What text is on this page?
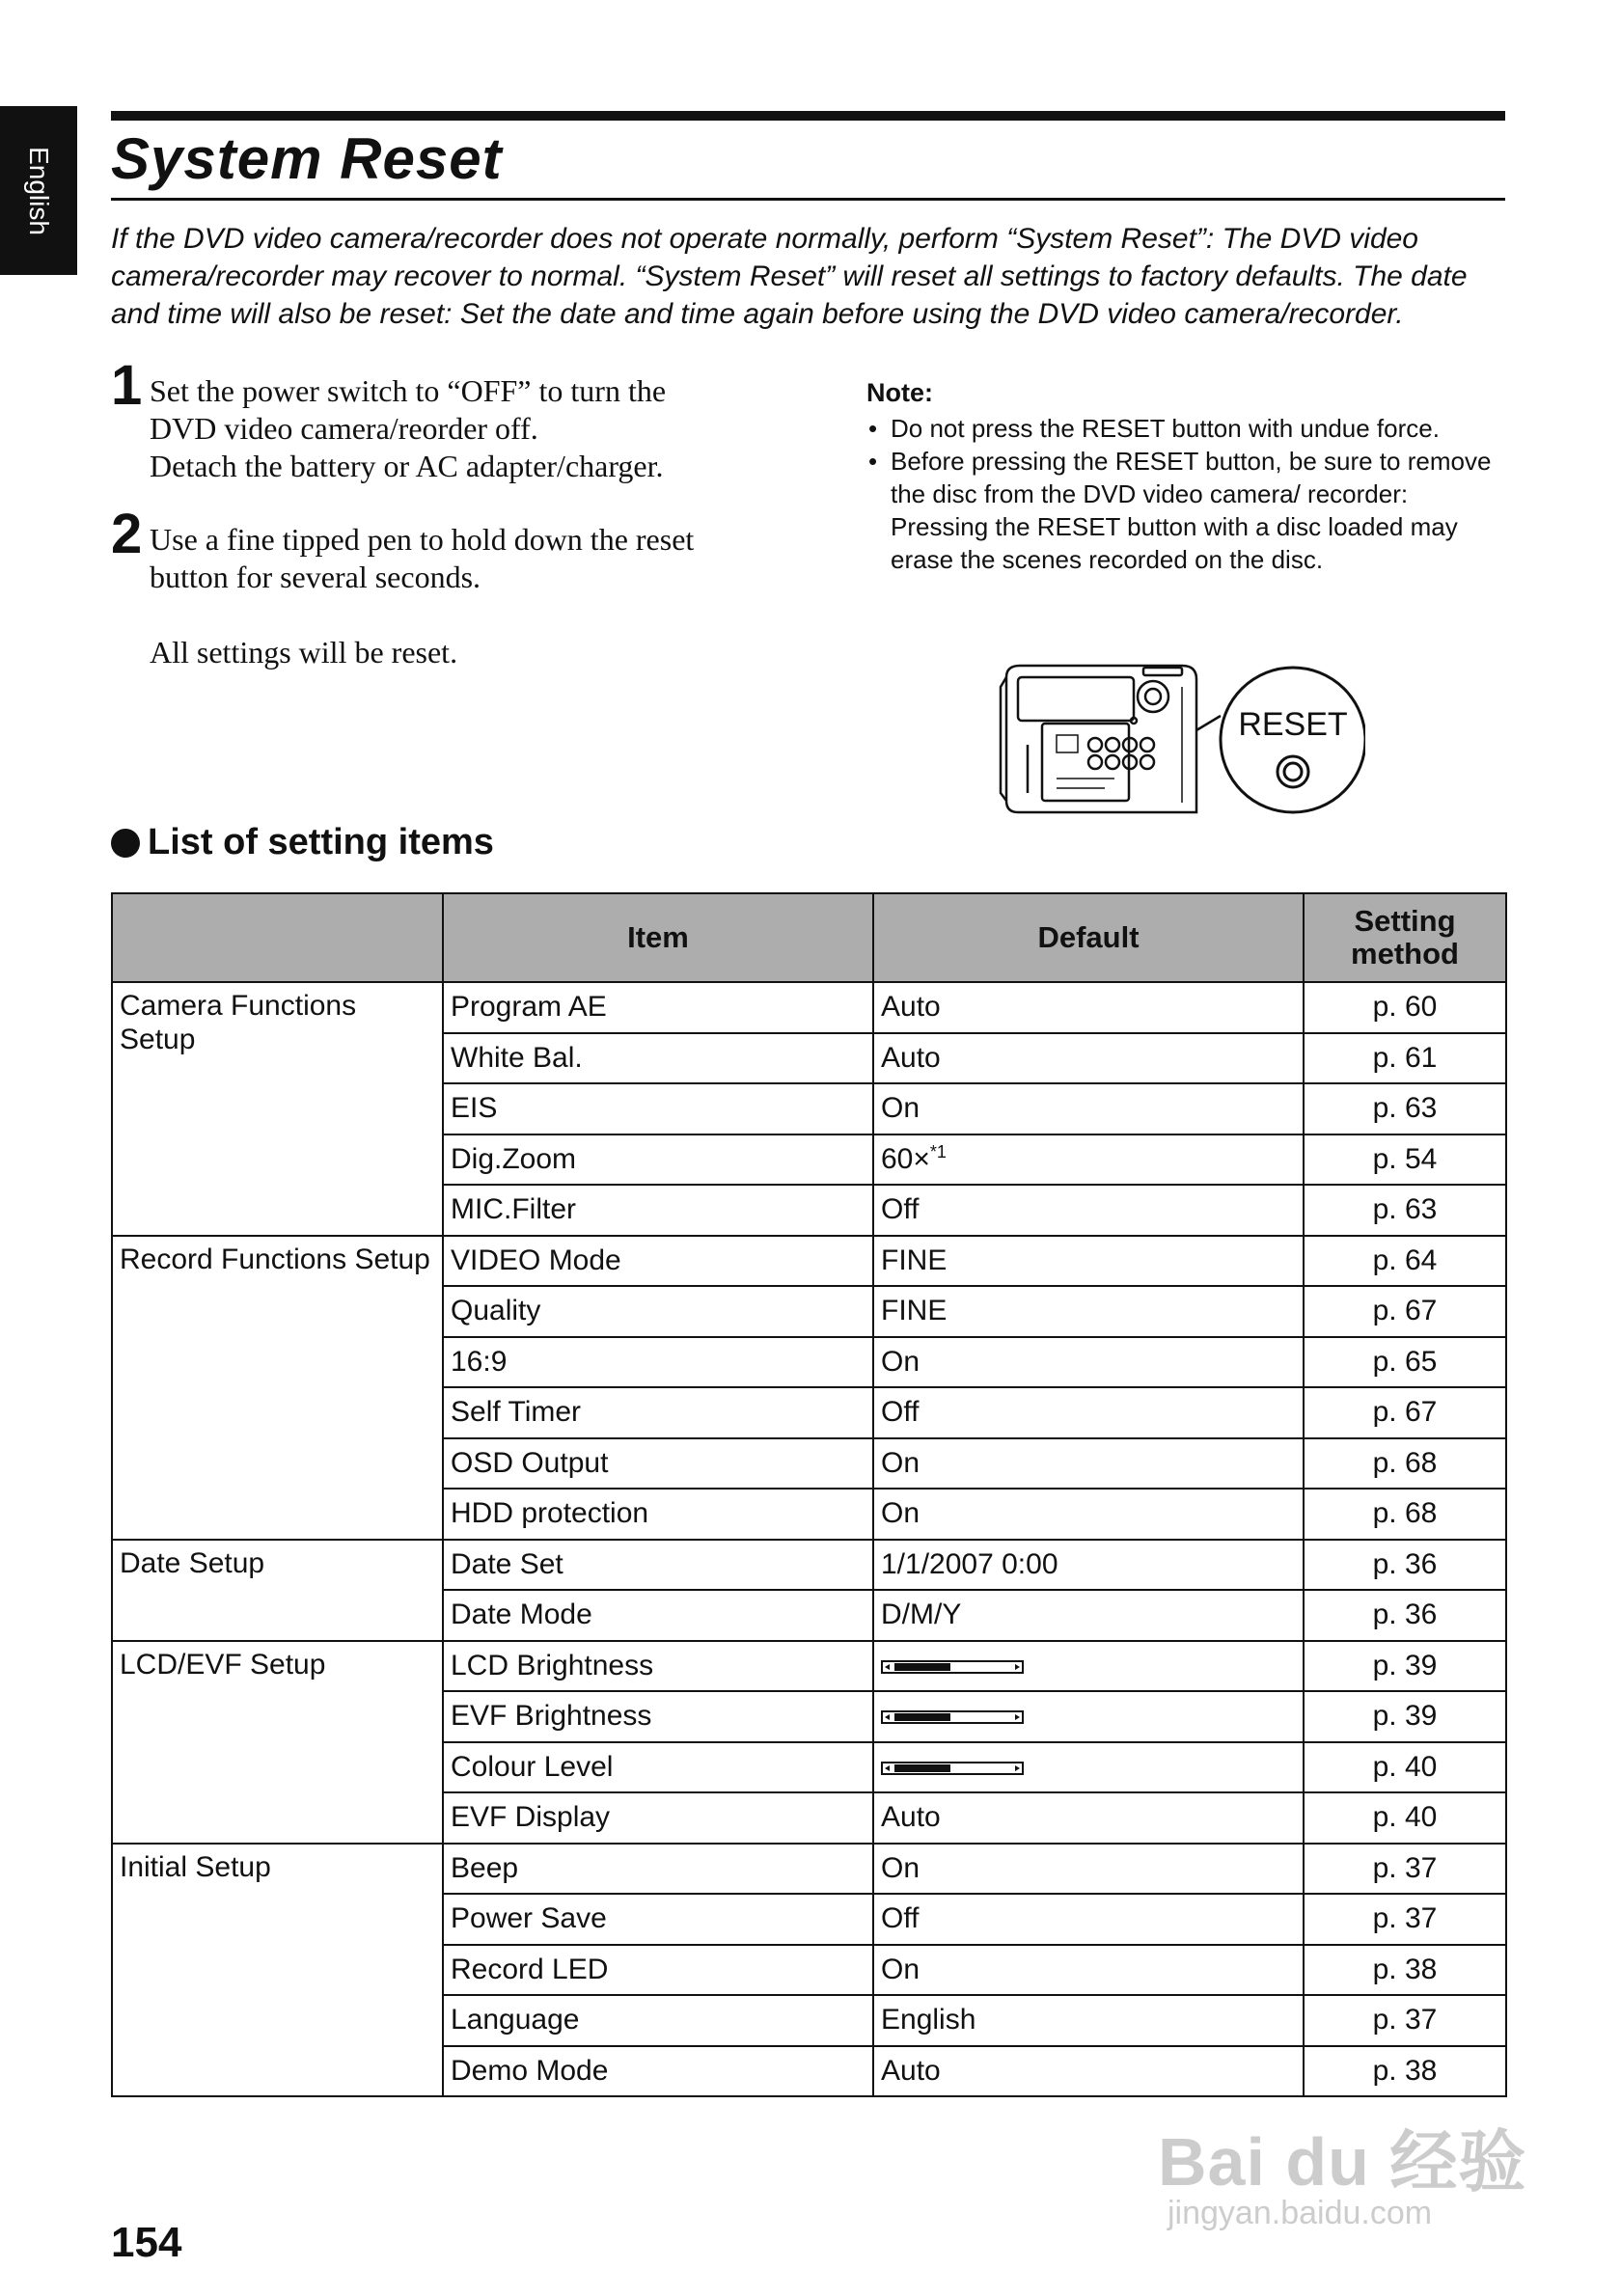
English System Reset

If the DVD video camera/recorder does not operate normally, perform “System Reset”: The DVD video
camera/recorder may recover to normal. “System Reset” will reset all settings to factory defaults. The date
and time will also be reset: Set the date and time again before using the DVD video camera/recorder.

1 Set the power switch to “OFF” to turn the
DVD video camera/reorder off.
Detach the battery or AC adapter/charger.
2 Use a fine tipped pen to hold down the reset
button for several seconds.
All settings will be reset.
Note:
• Do not press the RESET button with undue force.
• Before pressing the RESET button, be sure to remove the disc from the DVD video camera/ recorder: Pressing the RESET button with a disc loaded may erase the scenes recorded on the disc.
RESET
List of setting items
	Item	Default	Setting
method
Camera Functions Setup	Program AE	Auto	p. 60
	White Bal.	Auto	p. 61
	EIS	On	p. 63
	Dig.Zoom	60×$^{*1}$	p. 54
	MIC.Filter	Off	p. 63
Record Functions Setup	VIDEO Mode	FINE	p. 64
	Quality	FINE	p. 67
	16:9	On	p. 65
	Self Timer	Off	p. 67
	OSD Output	On	p. 68
	HDD protection	On	p. 68
Date Setup	Date Set	1/1/2007 0:00	p. 36
	Date Mode	D/M/Y	p. 36
LCD/EVF Setup	LCD Brightness		p. 39
	EVF Brightness		p. 39
	Colour Level		p. 40
	EVF Display	Auto	p. 40
Initial Setup	Beep	On	p. 37
	Power Save	Off	p. 37
	Record LED	On	p. 38
	Language	English	p. 37
	Demo Mode	Auto	p. 38
154
Bai du 经验
jingyan.baidu.com
